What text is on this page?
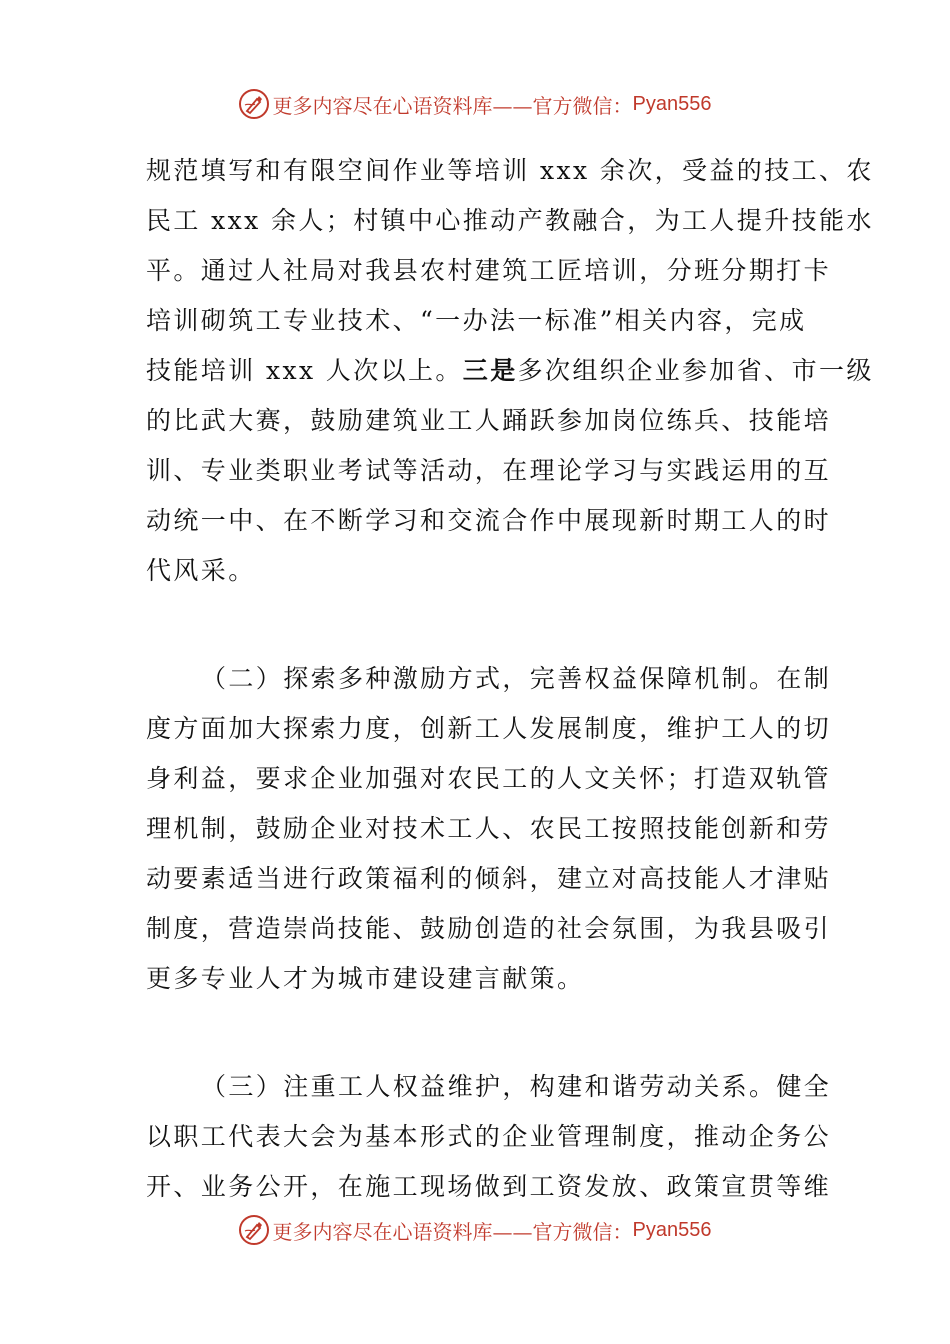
更多内容尽在心语资料库——官方微信： Pyan556
规范填写和有限空间作业等培训 xxx 余次，受益的技工、农
民工 xxx 余人；村镇中心推动产教融合，为工人提升技能水
平。通过人社局对我县农村建筑工匠培训，分班分期打卡
培训砌筑工专业技术、“一办法一标准”相关内容，完成
技能培训 xxx 人次以上。三是多次组织企业参加省、市一级
的比武大赛，鼓励建筑业工人踊跃参加岗位练兵、技能培
训、专业类职业考试等活动，在理论学习与实践运用的互
动统一中、在不断学习和交流合作中展现新时期工人的时
代风采。
（二）探索多种激励方式，完善权益保障机制。在制
度方面加大探索力度，创新工人发展制度，维护工人的切
身利益，要求企业加强对农民工的人文关怀；打造双轨管
理机制，鼓励企业对技术工人、农民工按照技能创新和劳
动要素适当进行政策福利的倾斜，建立对高技能人才津贴
制度，营造崇尚技能、鼓励创造的社会氛围，为我县吸引
更多专业人才为城市建设建言献策。
（三）注重工人权益维护，构建和谐劳动关系。健全
以职工代表大会为基本形式的企业管理制度，推动企务公
开、业务公开，在施工现场做到工资发放、政策宣贯等维
更多内容尽在心语资料库——官方微信： Pyan556
